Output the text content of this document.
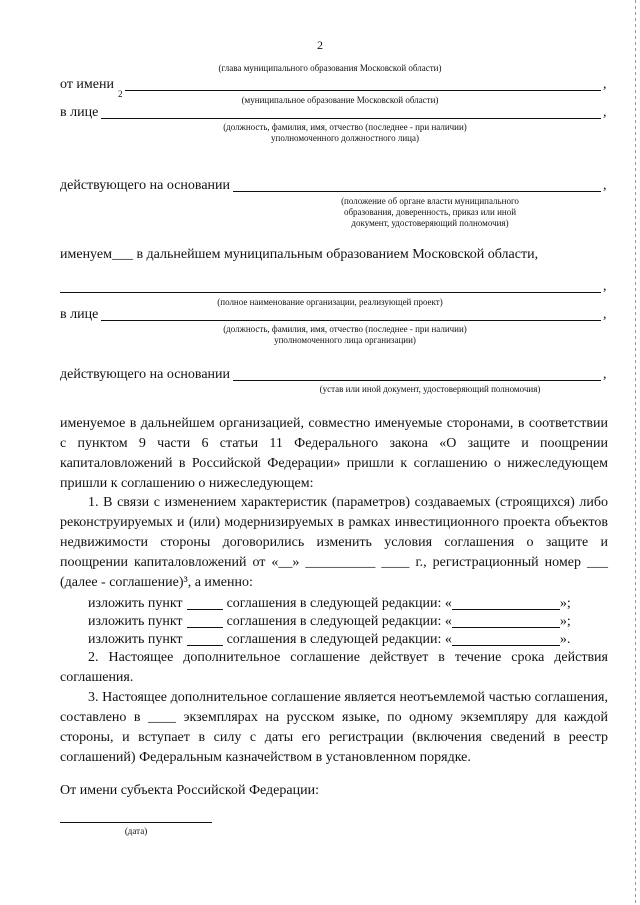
2
(глава муниципального образования Московской области)
от имени
2
,
(муниципальное образование Московской области)
в лице	,
(должность, фамилия, имя, отчество (последнее - при наличии)
уполномоченного должностного лица)
действующего на основании	,
(положение об органе власти муниципального
образования, доверенность, приказ или иной
документ, удостоверяющий полномочия)
именуем___ в дальнейшем муниципальным образованием Московской области,
,
(полное наименование организации, реализующей проект)
в лице	,
(должность, фамилия, имя, отчество (последнее - при наличии)
уполномоченного лица организации)
действующего на основании	,
(устав или иной документ, удостоверяющий полномочия)
именуемое в дальнейшем организацией, совместно именуемые сторонами, в соответствии с пунктом 9 части 6 статьи 11 Федерального закона «О защите и поощрении капиталовложений в Российской Федерации» пришли к соглашению о нижеследующем пришли к соглашению о нижеследующем:
1. В связи с изменением характеристик (параметров) создаваемых (строящихся) либо реконструируемых и (или) модернизируемых в рамках инвестиционного проекта объектов недвижимости стороны договорились изменить условия соглашения о защите и поощрении капиталовложений от «__» __________ ____ г., регистрационный номер ___ (далее - соглашение)³, а именно:
изложить пункт	соглашения в следующей редакции: «	»;
изложить пункт	соглашения в следующей редакции: «	»;
изложить пункт	соглашения в следующей редакции: «	».
2. Настоящее дополнительное соглашение действует в течение срока действия соглашения.
3. Настоящее дополнительное соглашение является неотъемлемой частью соглашения, составлено в ____ экземплярах на русском языке, по одному экземпляру для каждой стороны, и вступает в силу с даты его регистрации (включения сведений в реестр соглашений) Федеральным казначейством в установленном порядке.
От имени субъекта Российской Федерации:
(дата)
